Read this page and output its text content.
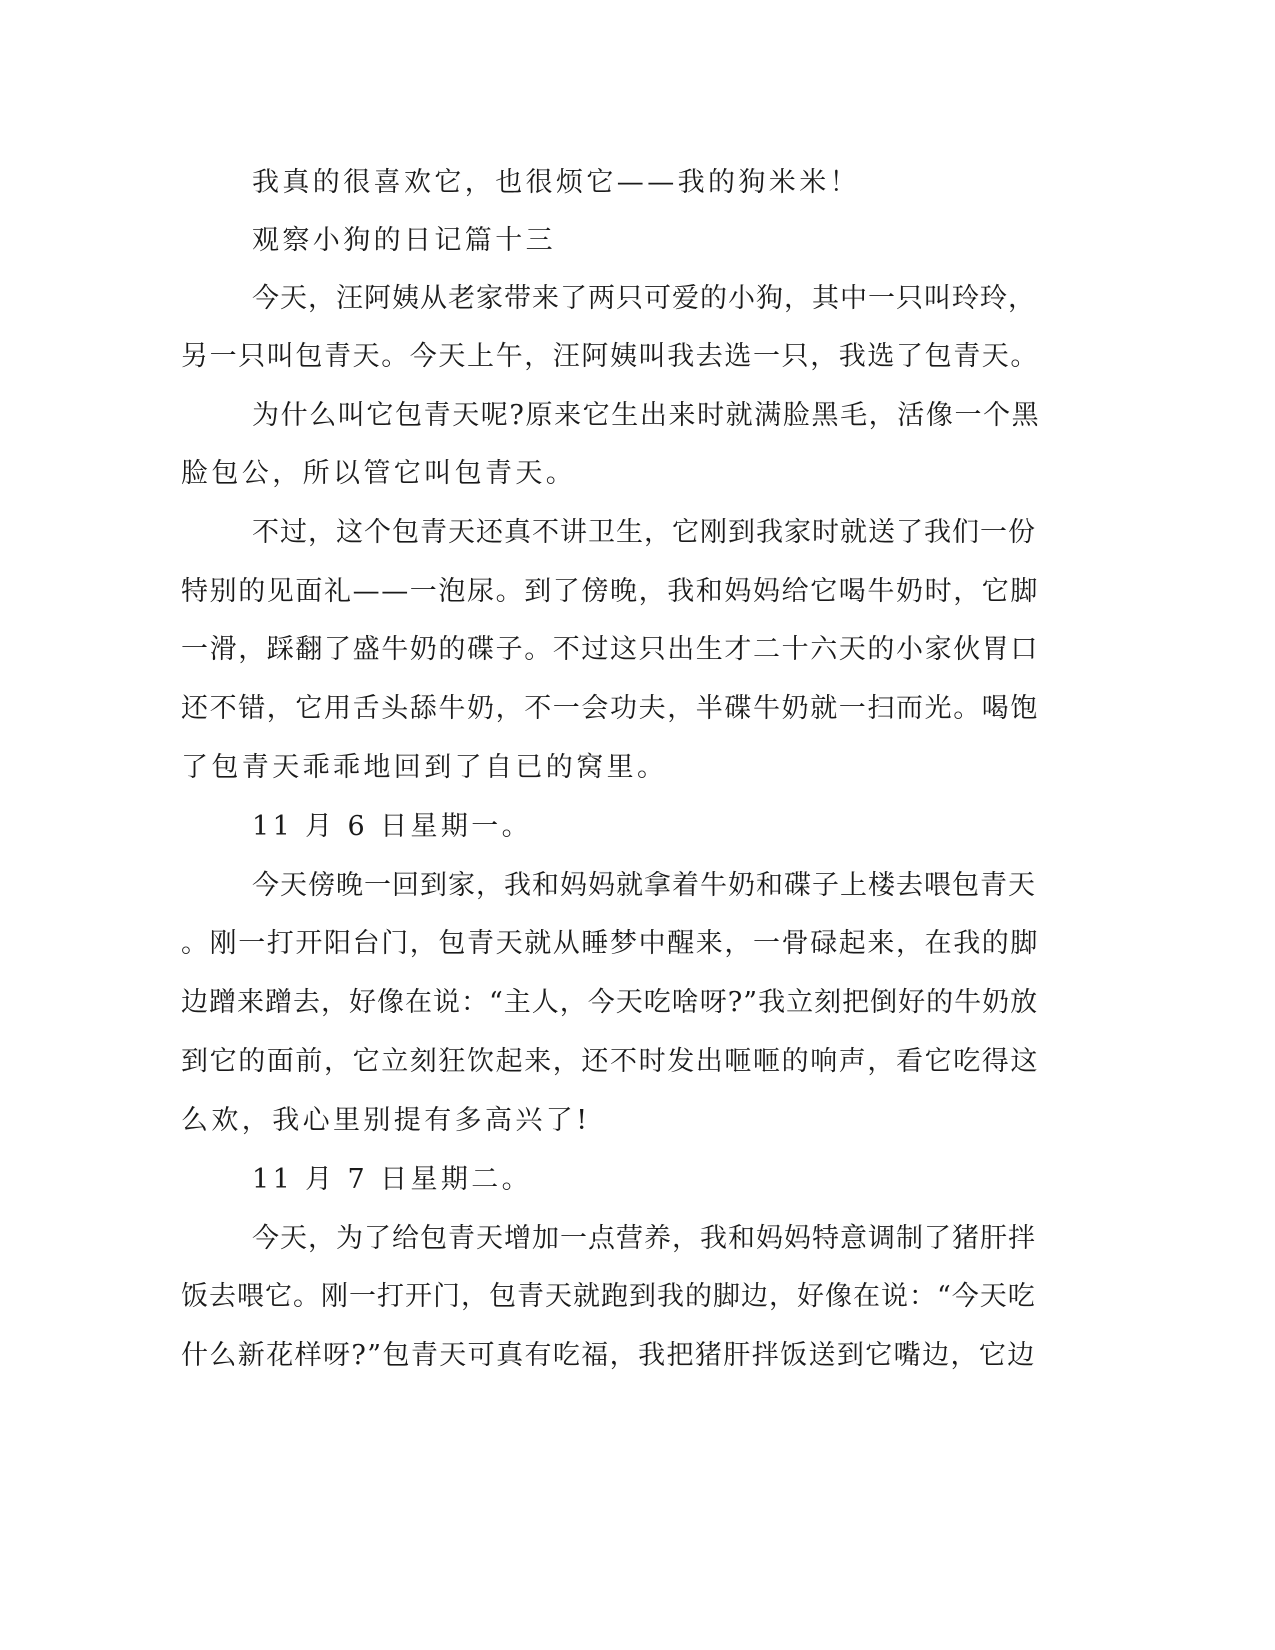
我真的很喜欢它，也很烦它——我的狗米米！
观察小狗的日记篇十三
今天，汪阿姨从老家带来了两只可爱的小狗，其中一只叫玲玲，
另一只叫包青天。今天上午，汪阿姨叫我去选一只，我选了包青天。
为什么叫它包青天呢?原来它生出来时就满脸黑毛，活像一个黑
脸包公，所以管它叫包青天。
不过，这个包青天还真不讲卫生，它刚到我家时就送了我们一份
特别的见面礼——一泡尿。到了傍晚，我和妈妈给它喝牛奶时，它脚
一滑，踩翻了盛牛奶的碟子。不过这只出生才二十六天的小家伙胃口
还不错，它用舌头舔牛奶，不一会功夫，半碟牛奶就一扫而光。喝饱
了包青天乖乖地回到了自已的窝里。
11 月 6 日星期一。
今天傍晚一回到家，我和妈妈就拿着牛奶和碟子上楼去喂包青天
。刚一打开阳台门，包青天就从睡梦中醒来，一骨碌起来，在我的脚
边蹭来蹭去，好像在说：“主人，今天吃啥呀?”我立刻把倒好的牛奶放
到它的面前，它立刻狂饮起来，还不时发出咂咂的响声，看它吃得这
么欢，我心里别提有多高兴了!
11 月 7 日星期二。
今天，为了给包青天增加一点营养，我和妈妈特意调制了猪肝拌
饭去喂它。刚一打开门，包青天就跑到我的脚边，好像在说：“今天吃
什么新花样呀?”包青天可真有吃福，我把猪肝拌饭送到它嘴边，它边
